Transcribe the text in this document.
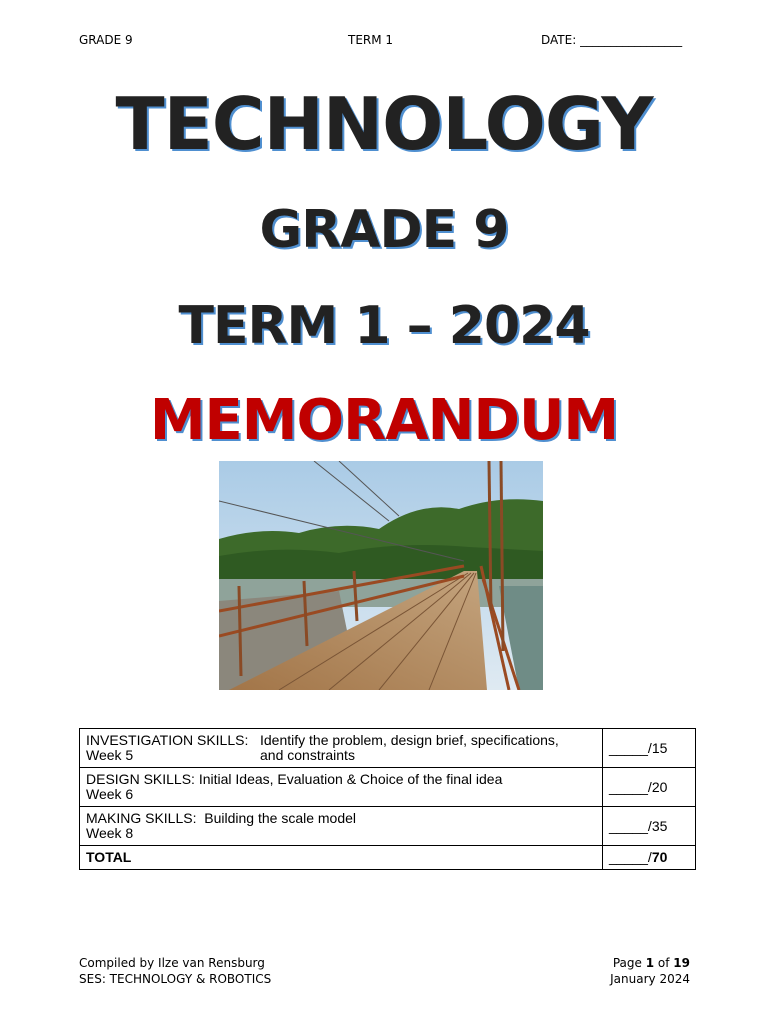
GRADE 9	TERM 1	DATE: _________________
TECHNOLOGY
GRADE 9
TERM 1 – 2024
MEMORANDUM
INVESTIGATION SKILLS: Identify the problem, design brief, specifications,
Week 5 and constraints	_____/15

DESIGN SKILLS: Initial Ideas, Evaluation & Choice of the final idea
Week 6	_____/20

MAKING SKILLS: Building the scale model
Week 8	_____/35
TOTAL	_____/70
Compiled by Ilze van Rensburg
SES: TECHNOLOGY & ROBOTICS
Page 1 of 19
January 2024
